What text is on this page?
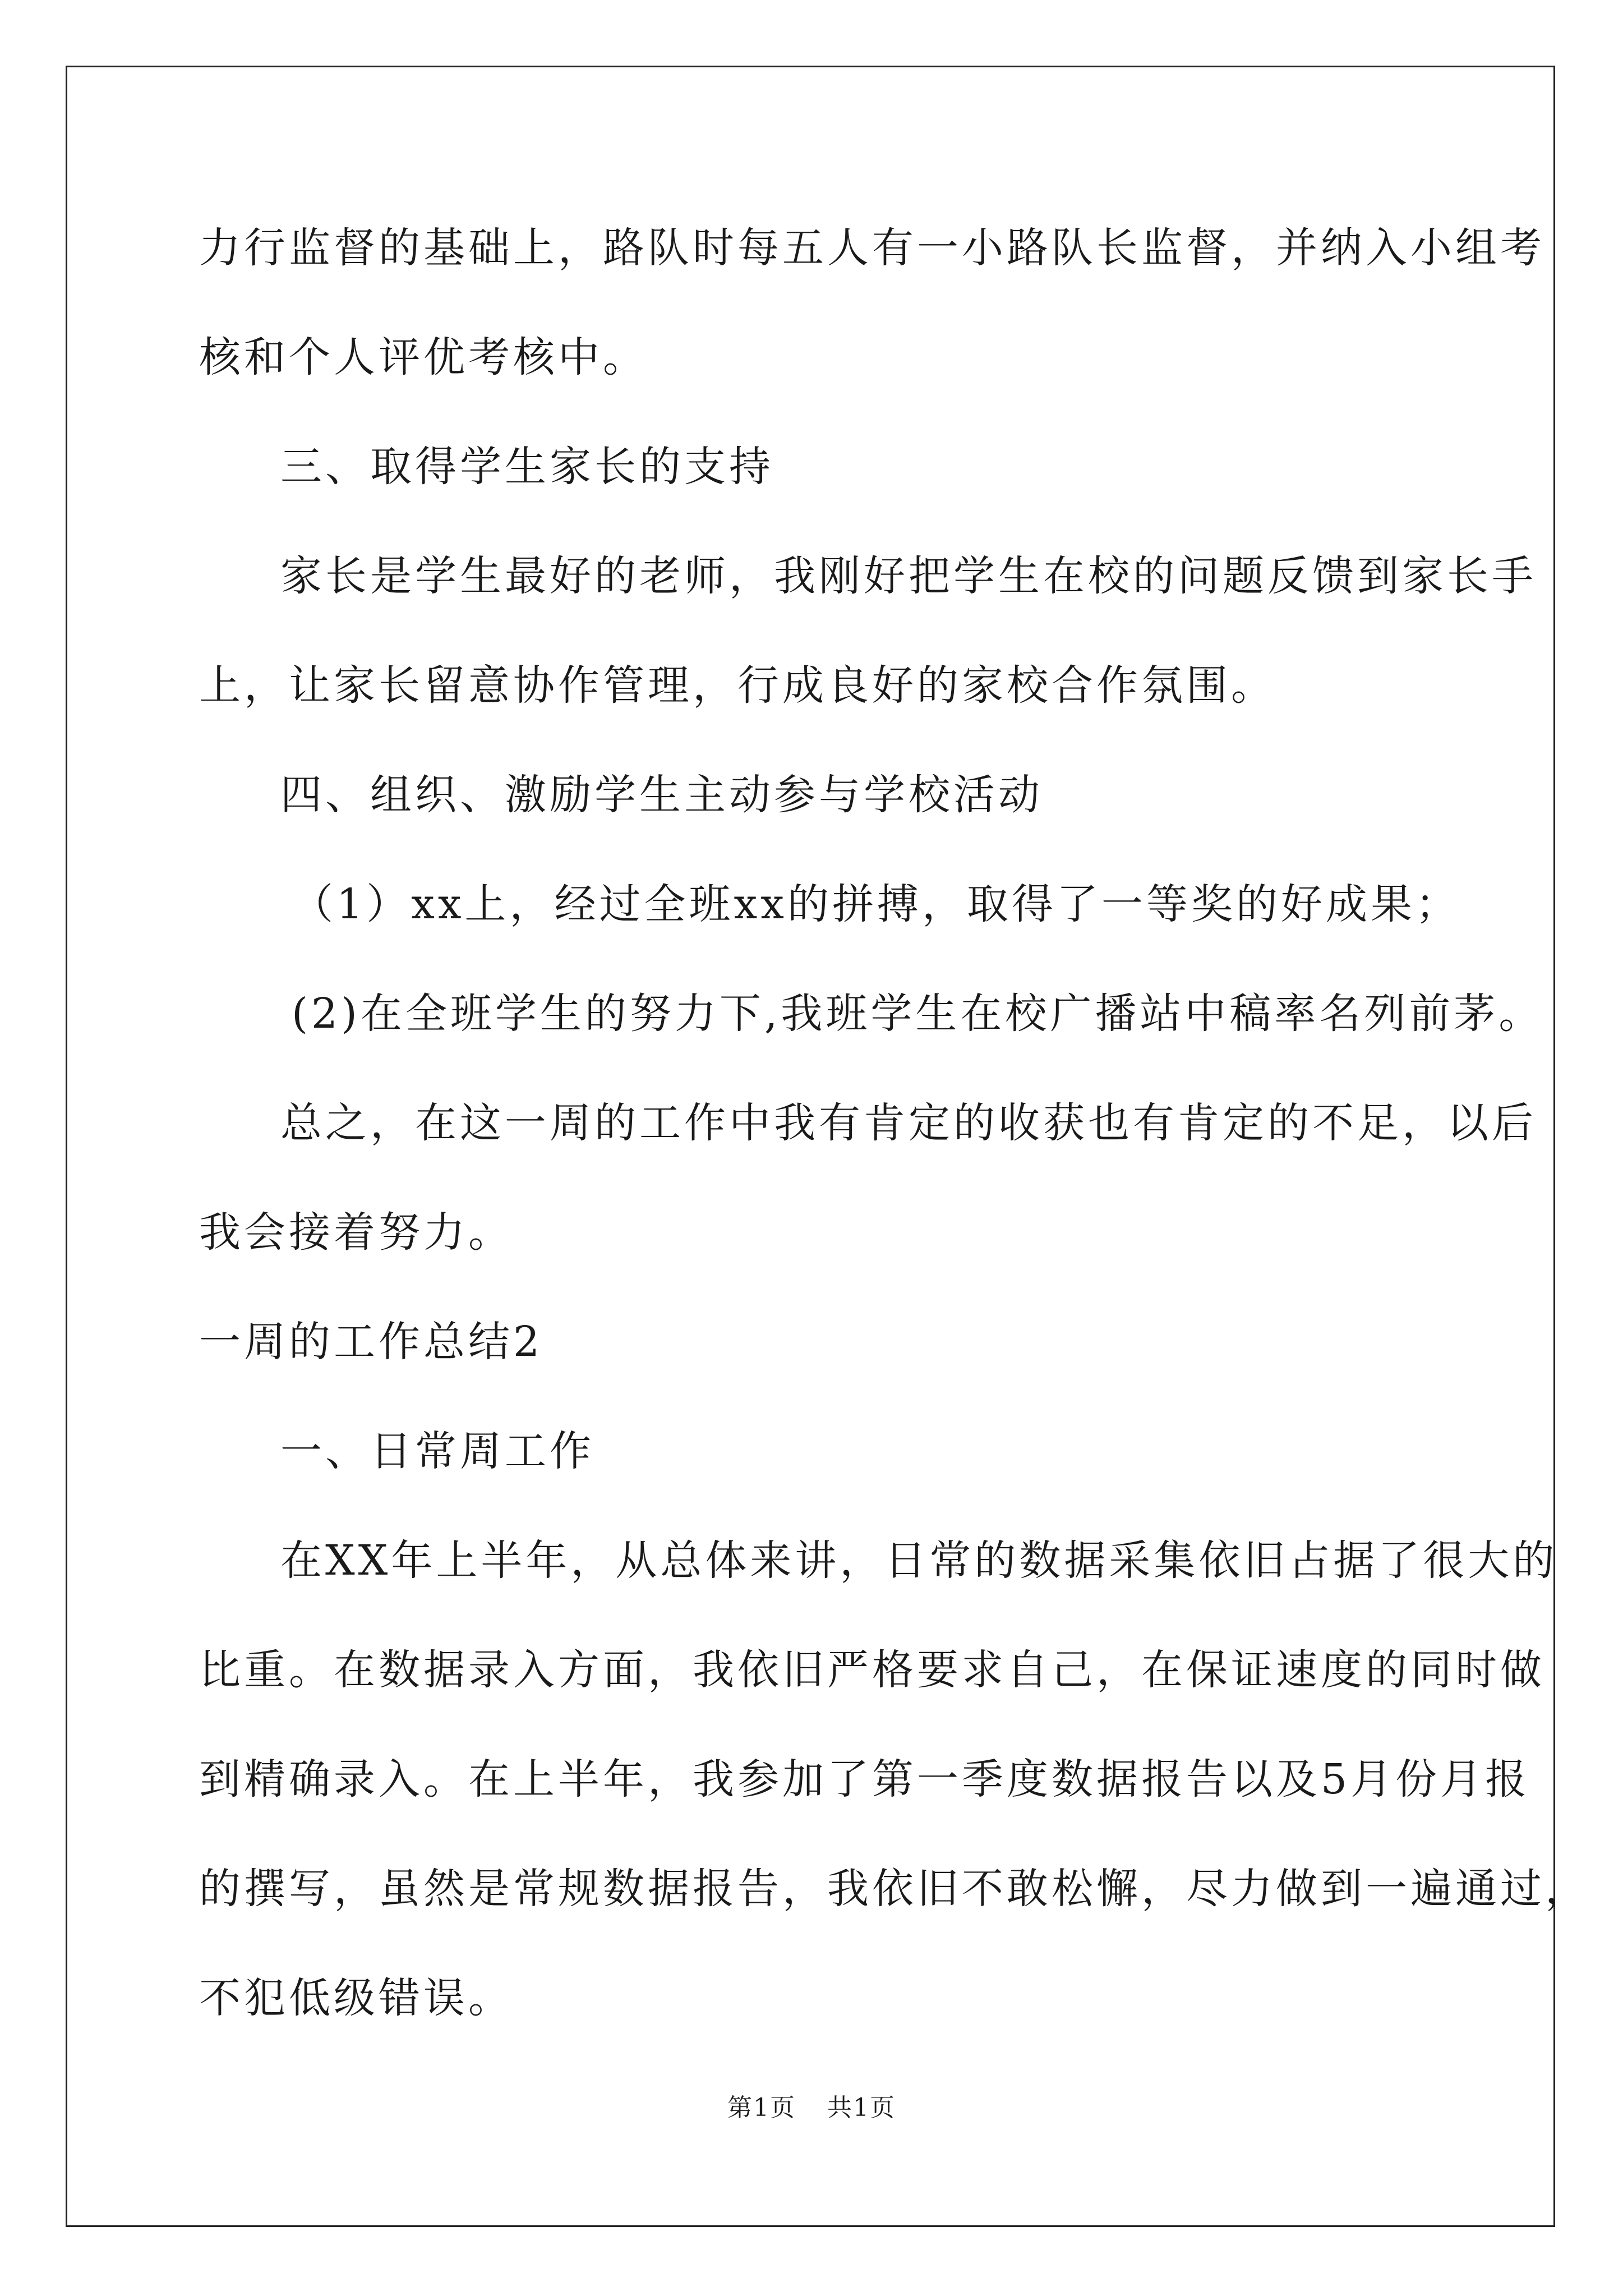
力行监督的基础上，路队时每五人有一小路队长监督，并纳入小组考
核和个人评优考核中。
三、取得学生家长的支持
家长是学生最好的老师，我刚好把学生在校的问题反馈到家长手
上，让家长留意协作管理，行成良好的家校合作氛围。
四、组织、激励学生主动参与学校活动
（1）xx上，经过全班xx的拼搏，取得了一等奖的好成果；
(2)在全班学生的努力下,我班学生在校广播站中稿率名列前茅。
总之，在这一周的工作中我有肯定的收获也有肯定的不足，以后
我会接着努力。
一周的工作总结2
一、日常周工作
在XX年上半年，从总体来讲，日常的数据采集依旧占据了很大的
比重。在数据录入方面，我依旧严格要求自己，在保证速度的同时做
到精确录入。在上半年，我参加了第一季度数据报告以及5月份月报
的撰写，虽然是常规数据报告，我依旧不敢松懈，尽力做到一遍通过，
不犯低级错误。
第1页 共1页
